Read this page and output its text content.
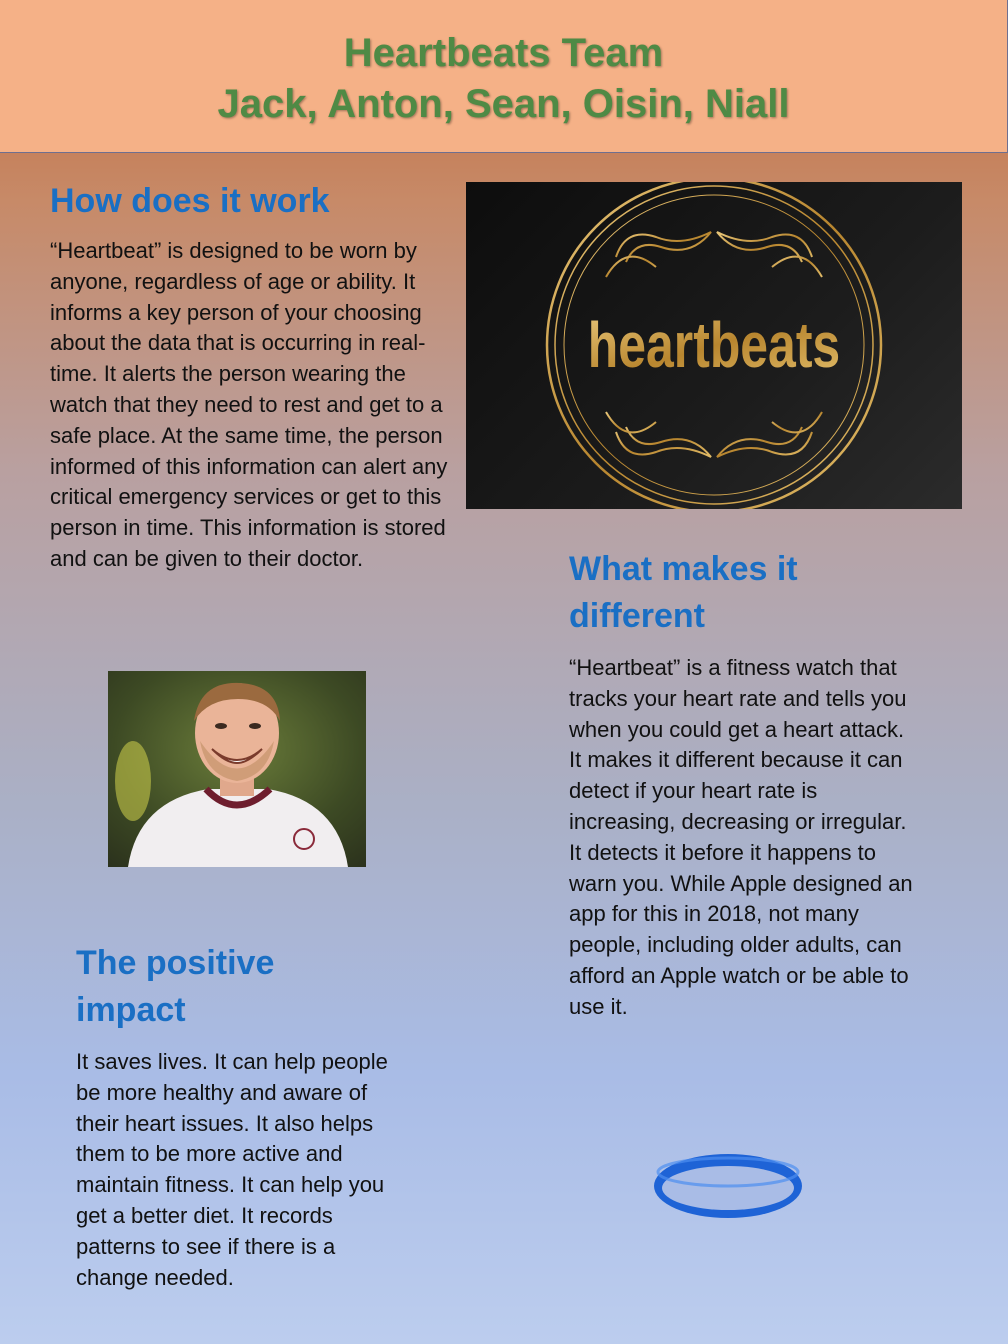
Heartbeats Team
Jack, Anton, Sean, Oisin, Niall
How does it work
“Heartbeat” is designed to be worn by anyone, regardless of age or ability. It informs a key person of your choosing about the data that is occurring in real-time. It alerts the person wearing the watch that they need to rest and get to a safe place. At the same time, the person informed of this information can alert any critical emergency services or get to this person in time. This information is stored and can be given to their doctor.
heartbeats
What makes it different
“Heartbeat” is a fitness watch that tracks your heart rate and tells you when you could get a heart attack. It makes it different because it can detect if your heart rate is increasing, decreasing or irregular. It detects it before it happens to warn you. While Apple designed an app for this in 2018, not many people, including older adults, can afford an Apple watch or be able to use it.
The positive impact
It saves lives. It can help people be more healthy and aware of their heart issues. It also helps them to be more active and maintain fitness. It can help you get a better diet. It records patterns to see if there is a change needed.
